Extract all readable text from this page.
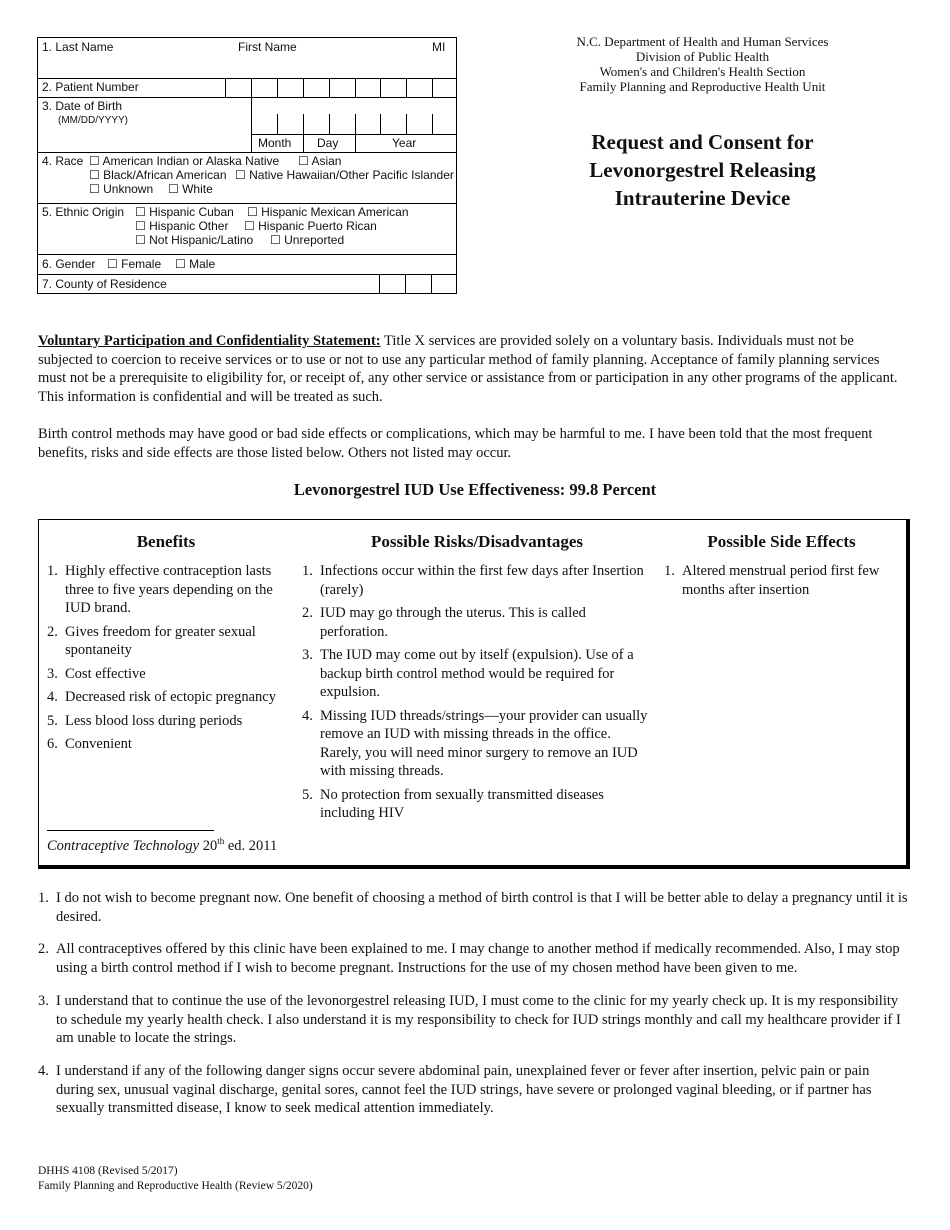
1. Last Name	First Name	MI
2. Patient Number
3. Date of Birth
(MM/DD/YYYY)
Month Day	Year
4. Race ☐ American Indian or Alaska Native ☐ Asian
☐ Black/African American ☐ Native Hawaiian/Other Pacific Islander
☐ Unknown ☐ White
5. Ethnic Origin ☐ Hispanic Cuban ☐ Hispanic Mexican American
☐ Hispanic Other ☐ Hispanic Puerto Rican
☐ Not Hispanic/Latino ☐ Unreported
6. Gender ☐ Female ☐ Male
7. County of Residence
N.C. Department of Health and Human Services
Division of Public Health
Women's and Children's Health Section
Family Planning and Reproductive Health Unit
Request and Consent for
Levonorgestrel Releasing
Intrauterine Device
Voluntary Participation and Confidentiality Statement: Title X services are provided solely on a voluntary basis. Individuals must not be subjected to coercion to receive services or to use or not to use any particular method of family planning. Acceptance of family planning services must not be a prerequisite to eligibility for, or receipt of, any other service or assistance from or participation in any other programs of the applicant. This information is confidential and will be treated as such.
Birth control methods may have good or bad side effects or complications, which may be harmful to me. I have been told that the most frequent benefits, risks and side effects are those listed below. Others not listed may occur.
Levonorgestrel IUD Use Effectiveness: 99.8 Percent
Benefits
1. Highly effective contraception lasts three to five years depending on the IUD brand.
2. Gives freedom for greater sexual spontaneity
3. Cost effective
4. Decreased risk of ectopic pregnancy
5. Less blood loss during periods
6. Convenient
Possible Risks/Disadvantages
1. Infections occur within the first few days after Insertion (rarely)
2. IUD may go through the uterus. This is called perforation.
3. The IUD may come out by itself (expulsion). Use of a backup birth control method would be required for expulsion.
4. Missing IUD threads/strings—your provider can usually remove an IUD with missing threads in the office. Rarely, you will need minor surgery to remove an IUD with missing threads.
5. No protection from sexually transmitted diseases including HIV
Possible Side Effects
1. Altered menstrual period first few months after insertion
Contraceptive Technology 20th ed. 2011
1. I do not wish to become pregnant now. One benefit of choosing a method of birth control is that I will be better able to delay a pregnancy until it is desired.
2. All contraceptives offered by this clinic have been explained to me. I may change to another method if medically recommended. Also, I may stop using a birth control method if I wish to become pregnant. Instructions for the use of my chosen method have been given to me.
3. I understand that to continue the use of the levonorgestrel releasing IUD, I must come to the clinic for my yearly check up. It is my responsibility to schedule my yearly health check. I also understand it is my responsibility to check for IUD strings monthly and call my healthcare provider if I am unable to locate the strings.
4. I understand if any of the following danger signs occur severe abdominal pain, unexplained fever or fever after insertion, pelvic pain or pain during sex, unusual vaginal discharge, genital sores, cannot feel the IUD strings, have severe or prolonged vaginal bleeding, or if partner has sexually transmitted disease, I know to seek medical attention immediately.
DHHS 4108 (Revised 5/2017)
Family Planning and Reproductive Health (Review 5/2020)
